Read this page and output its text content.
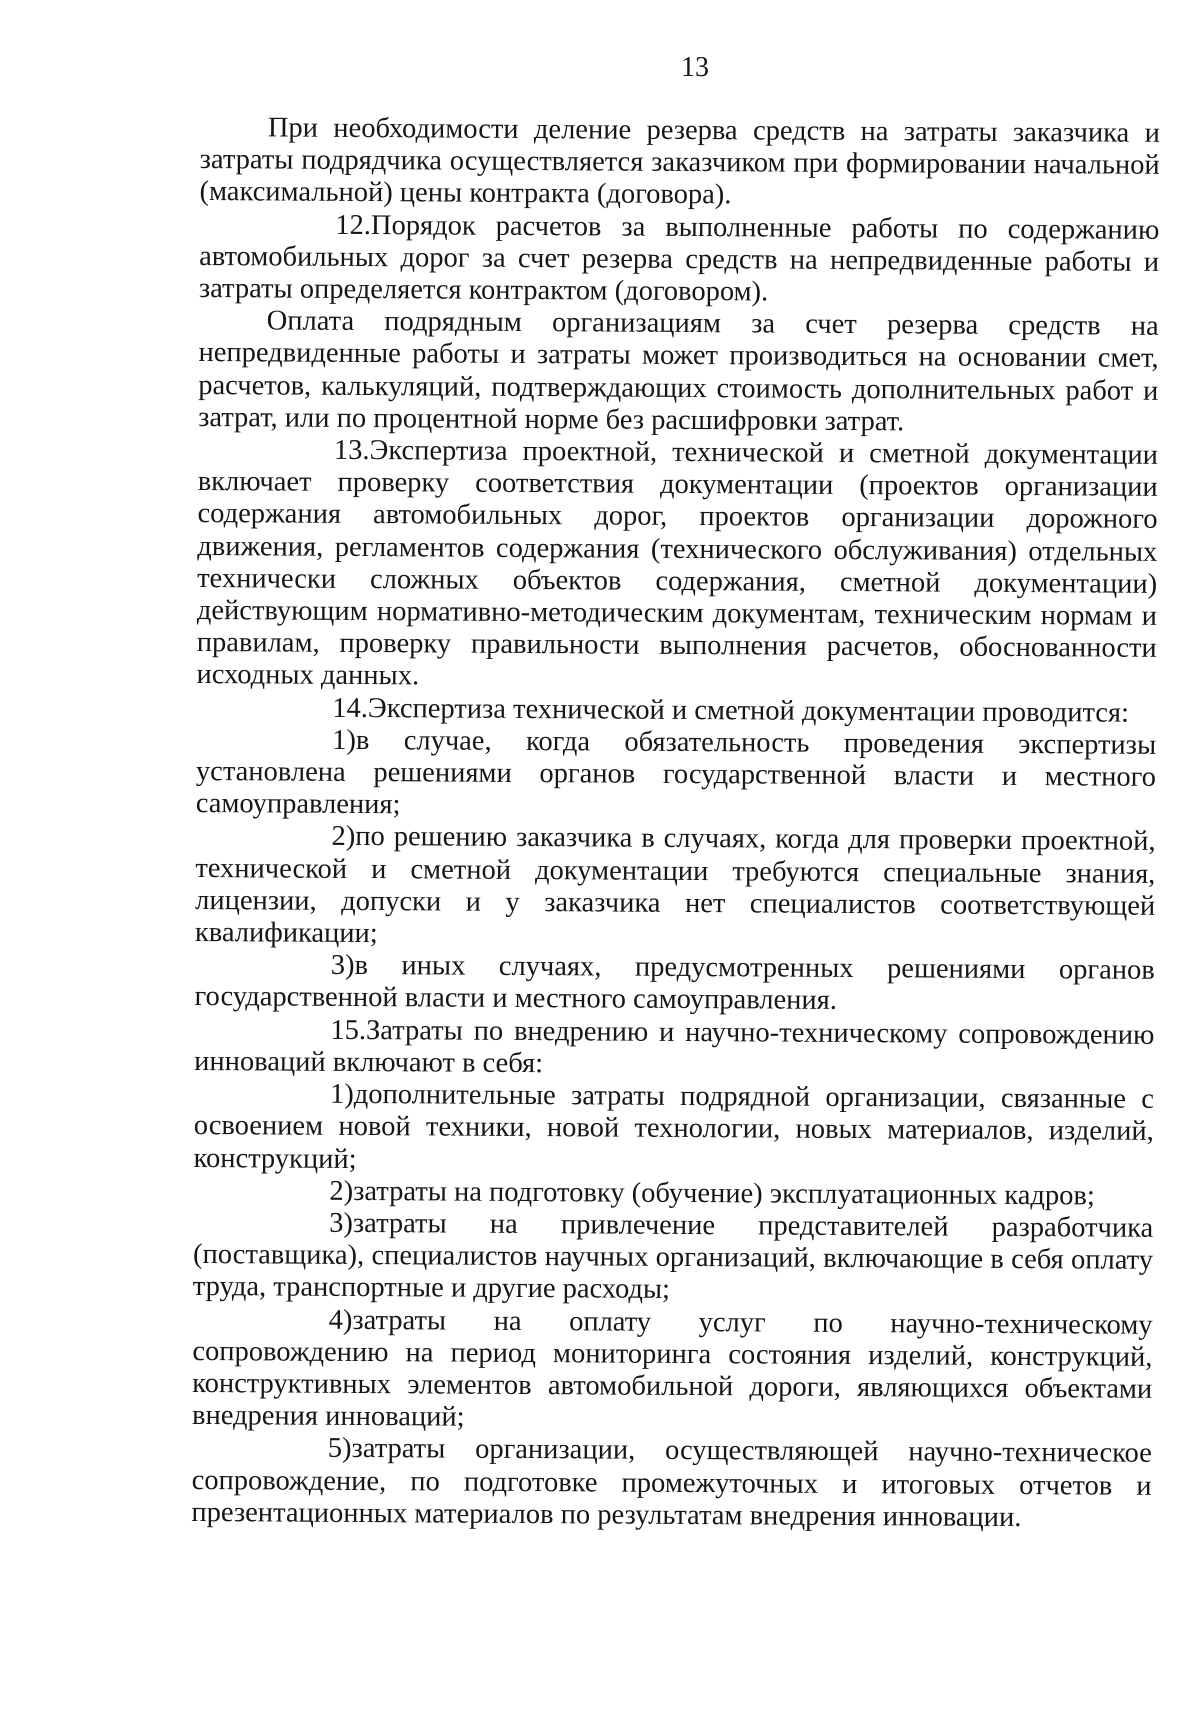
13

При необходимости деление резерва средств на затраты заказчика и затраты подрядчика осуществляется заказчиком при формировании начальной (максимальной) цены контракта (договора).

12.Порядок расчетов за выполненные работы по содержанию автомобильных дорог за счет резерва средств на непредвиденные работы и затраты определяется контрактом (договором).

Оплата подрядным организациям за счет резерва средств на непредвиденные работы и затраты может производиться на основании смет, расчетов, калькуляций, подтверждающих стоимость дополнительных работ и затрат, или по процентной норме без расшифровки затрат.

13.Экспертиза проектной, технической и сметной документации включает проверку соответствия документации (проектов организации содержания автомобильных дорог, проектов организации дорожного движения, регламентов содержания (технического обслуживания) отдельных технически сложных объектов содержания, сметной документации) действующим нормативно-методическим документам, техническим нормам и правилам, проверку правильности выполнения расчетов, обоснованности исходных данных.

14.Экспертиза технической и сметной документации проводится:

1)в случае, когда обязательность проведения экспертизы установлена решениями органов государственной власти и местного самоуправления;

2)по решению заказчика в случаях, когда для проверки проектной, технической и сметной документации требуются специальные знания, лицензии, допуски и у заказчика нет специалистов соответствующей квалификации;

3)в иных случаях, предусмотренных решениями органов государственной власти и местного самоуправления.

15.Затраты по внедрению и научно-техническому сопровождению инноваций включают в себя:

1)дополнительные затраты подрядной организации, связанные с освоением новой техники, новой технологии, новых материалов, изделий, конструкций;

2)затраты на подготовку (обучение) эксплуатационных кадров;

3)затраты на привлечение представителей разработчика (поставщика), специалистов научных организаций, включающие в себя оплату труда, транспортные и другие расходы;

4)затраты на оплату услуг по научно-техническому сопровождению на период мониторинга состояния изделий, конструкций, конструктивных элементов автомобильной дороги, являющихся объектами внедрения инноваций;

5)затраты организации, осуществляющей научно-техническое сопровождение, по подготовке промежуточных и итоговых отчетов и презентационных материалов по результатам внедрения инновации.
